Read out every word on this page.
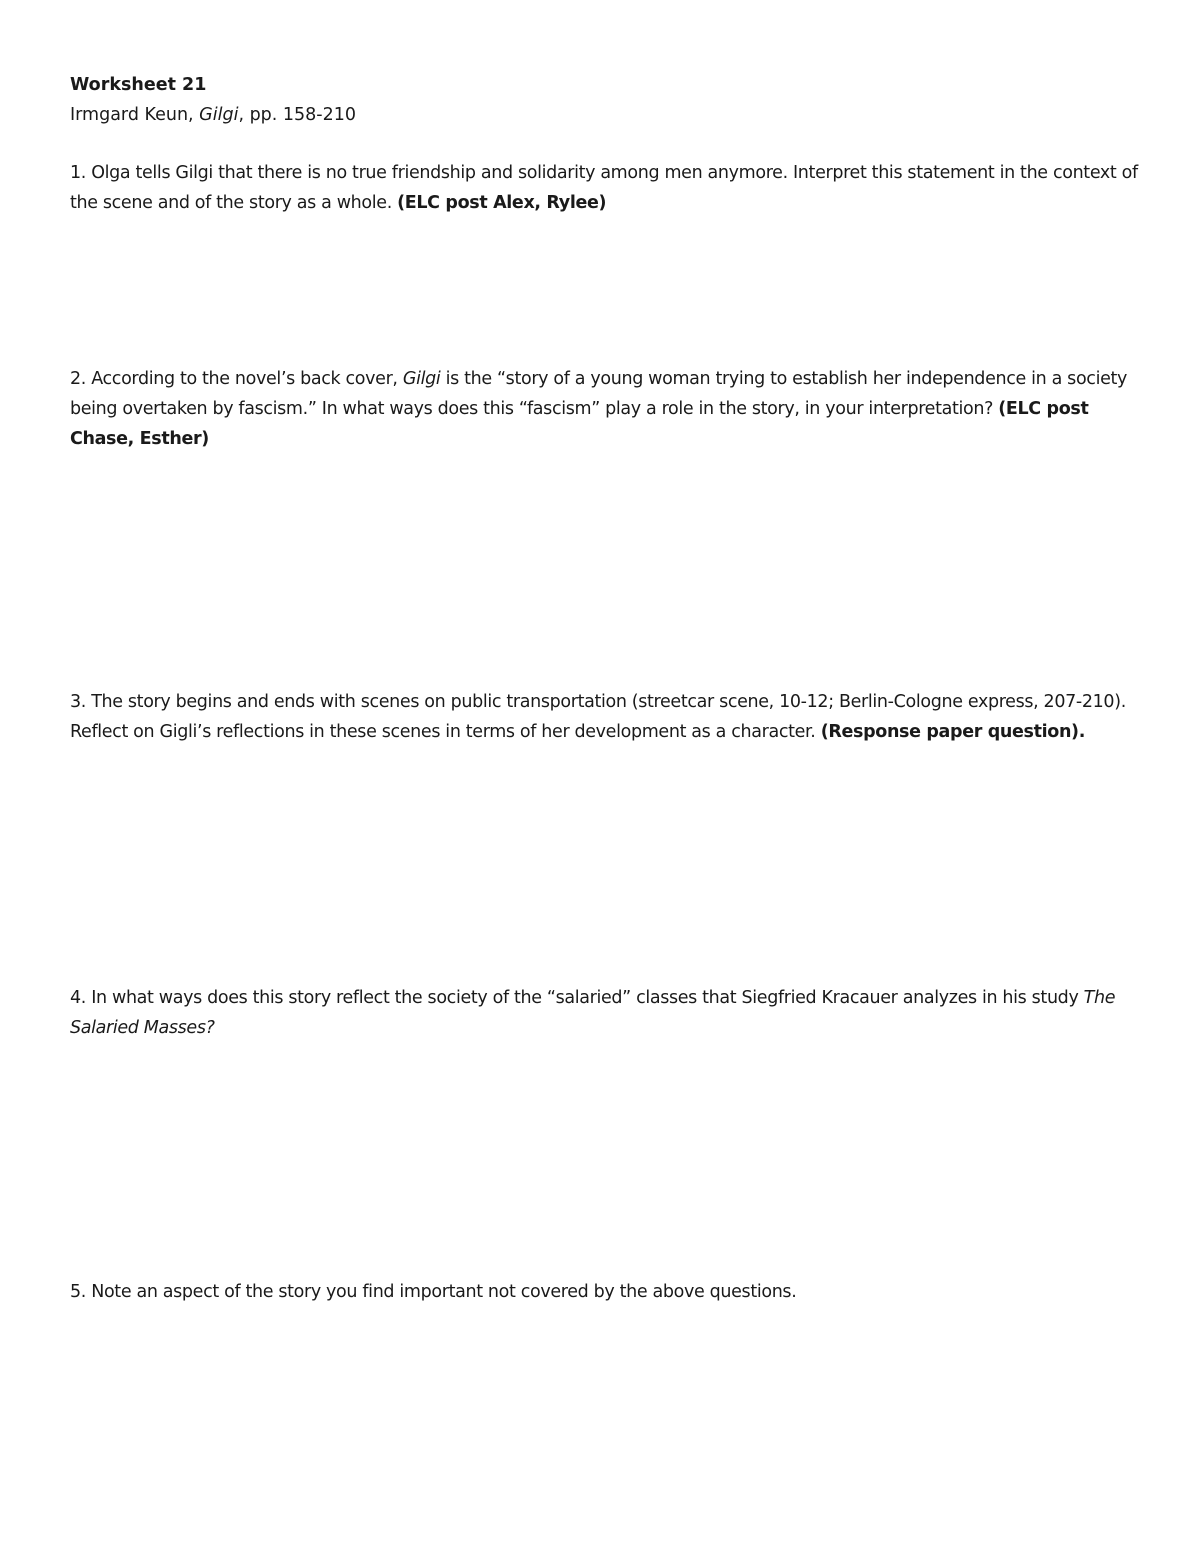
Worksheet 21
Irmgard Keun, Gilgi, pp. 158-210
1. Olga tells Gilgi that there is no true friendship and solidarity among men anymore. Interpret this statement in the context of the scene and of the story as a whole. (ELC post Alex, Rylee)
2. According to the novel’s back cover, Gilgi is the “story of a young woman trying to establish her independence in a society being overtaken by fascism.” In what ways does this “fascism” play a role in the story, in your interpretation? (ELC post Chase, Esther)
3. The story begins and ends with scenes on public transportation (streetcar scene, 10-12; Berlin-Cologne express, 207-210). Reflect on Gigli’s reflections in these scenes in terms of her development as a character. (Response paper question).
4. In what ways does this story reflect the society of the “salaried” classes that Siegfried Kracauer analyzes in his study The Salaried Masses?
5. Note an aspect of the story you find important not covered by the above questions.
